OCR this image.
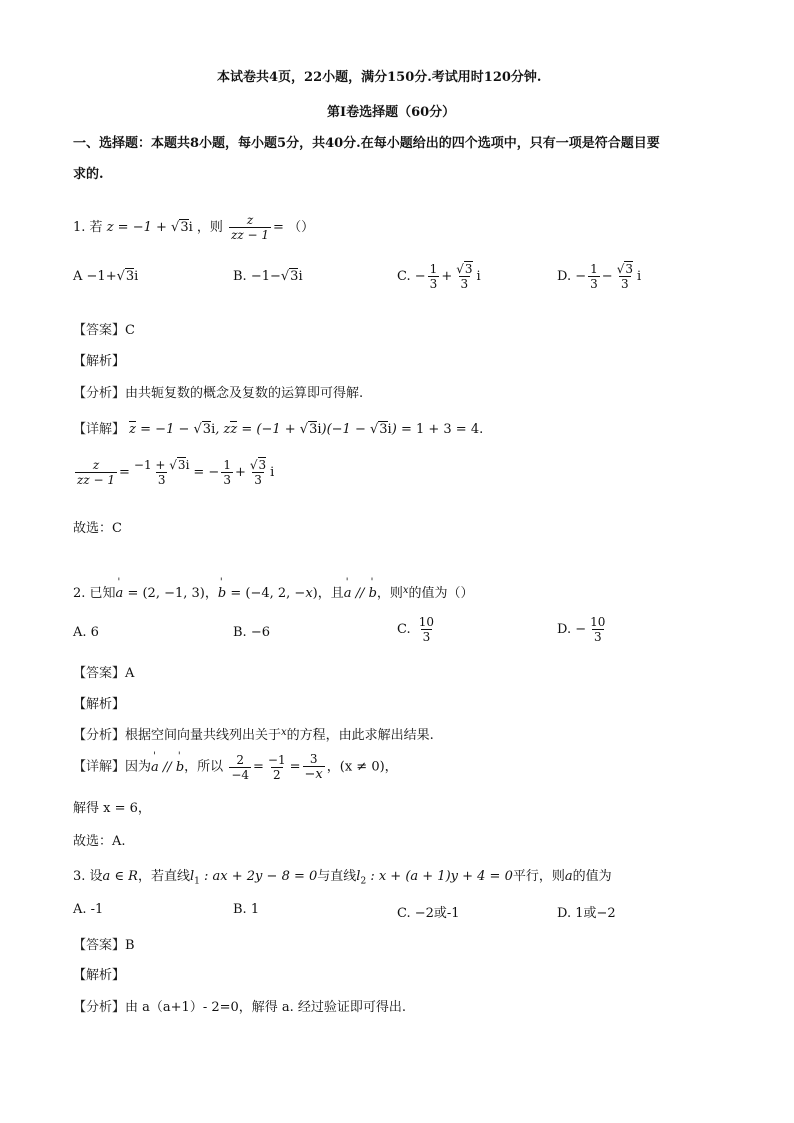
本试卷共4页，22小题，满分150分.考试用时120分钟.
第I卷选择题（60分）
一、选择题：本题共8小题，每小题5分，共40分.在每小题给出的四个选项中，只有一项是符合题目要
求的.
1. 若 z = −1 + √3i ，则 $\frac{z}{zz - 1}$ = （）
A −1+√3i	B. −1−√3i	C. − $\frac{1}{3} + \frac{√3}{3}$ i	D. − $\frac{1}{3} - \frac{√3}{3}$ i
【答案】C
【解析】
【分析】由共轭复数的概念及复数的运算即可得解.
【详解】 z = −1 − √3i, zz = (−1 + √3i)(−1 − √3i) = 1 + 3 = 4.
$\frac{z}{zz - 1} = \frac{-1 + √3i}{3}$ = − $\frac{1}{3} + \frac{√3}{3}$ i
故选：C
2. 已知' a = (2, −1, 3)，' b = (−4, 2, −x)，且' a // ' b，则$^x$的值为（）
A. 6	B. −6	C. $\frac{10}{3}$	D. − $\frac{10}{3}$
【答案】A
【解析】
【分析】根据空间向量共线列出关于$^x$的方程，由此求解出结果.
【详解】因为' a // ' b，所以 $\frac{2}{-4} = \frac{-1}{2} = \frac{3}{-x}$ ，(x ≠ 0)，
解得 x = 6，
故选：A.
3. 设a ∈ R，若直线$l_1$ : ax + 2y − 8 = 0与直线$l_2$ : x + (a + 1)y + 4 = 0平行，则a的值为
A. -1	B. 1	C. −2或-1	D. 1或−2
【答案】B
【解析】
【分析】由 a（a+1）- 2=0，解得 a. 经过验证即可得出.
